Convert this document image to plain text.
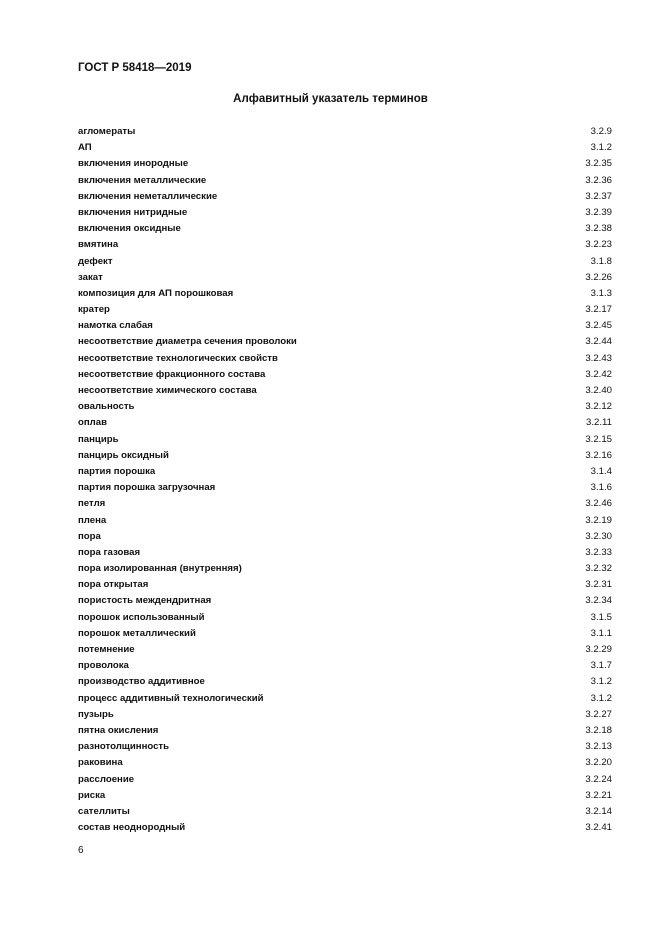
ГОСТ Р 58418—2019
Алфавитный указатель терминов
агломераты	3.2.9
АП	3.1.2
включения инородные	3.2.35
включения металлические	3.2.36
включения неметаллические	3.2.37
включения нитридные	3.2.39
включения оксидные	3.2.38
вмятина	3.2.23
дефект	3.1.8
закат	3.2.26
композиция для АП порошковая	3.1.3
кратер	3.2.17
намотка слабая	3.2.45
несоответствие диаметра сечения проволоки	3.2.44
несоответствие технологических свойств	3.2.43
несоответствие фракционного состава	3.2.42
несоответствие химического состава	3.2.40
овальность	3.2.12
оплав	3.2.11
панцирь	3.2.15
панцирь оксидный	3.2.16
партия порошка	3.1.4
партия порошка загрузочная	3.1.6
петля	3.2.46
плена	3.2.19
пора	3.2.30
пора газовая	3.2.33
пора изолированная (внутренняя)	3.2.32
пора открытая	3.2.31
пористость междендритная	3.2.34
порошок использованный	3.1.5
порошок металлический	3.1.1
потемнение	3.2.29
проволока	3.1.7
производство аддитивное	3.1.2
процесс аддитивный технологический	3.1.2
пузырь	3.2.27
пятна окисления	3.2.18
разнотолщинность	3.2.13
раковина	3.2.20
расслоение	3.2.24
риска	3.2.21
сателлиты	3.2.14
состав неоднородный	3.2.41
6
